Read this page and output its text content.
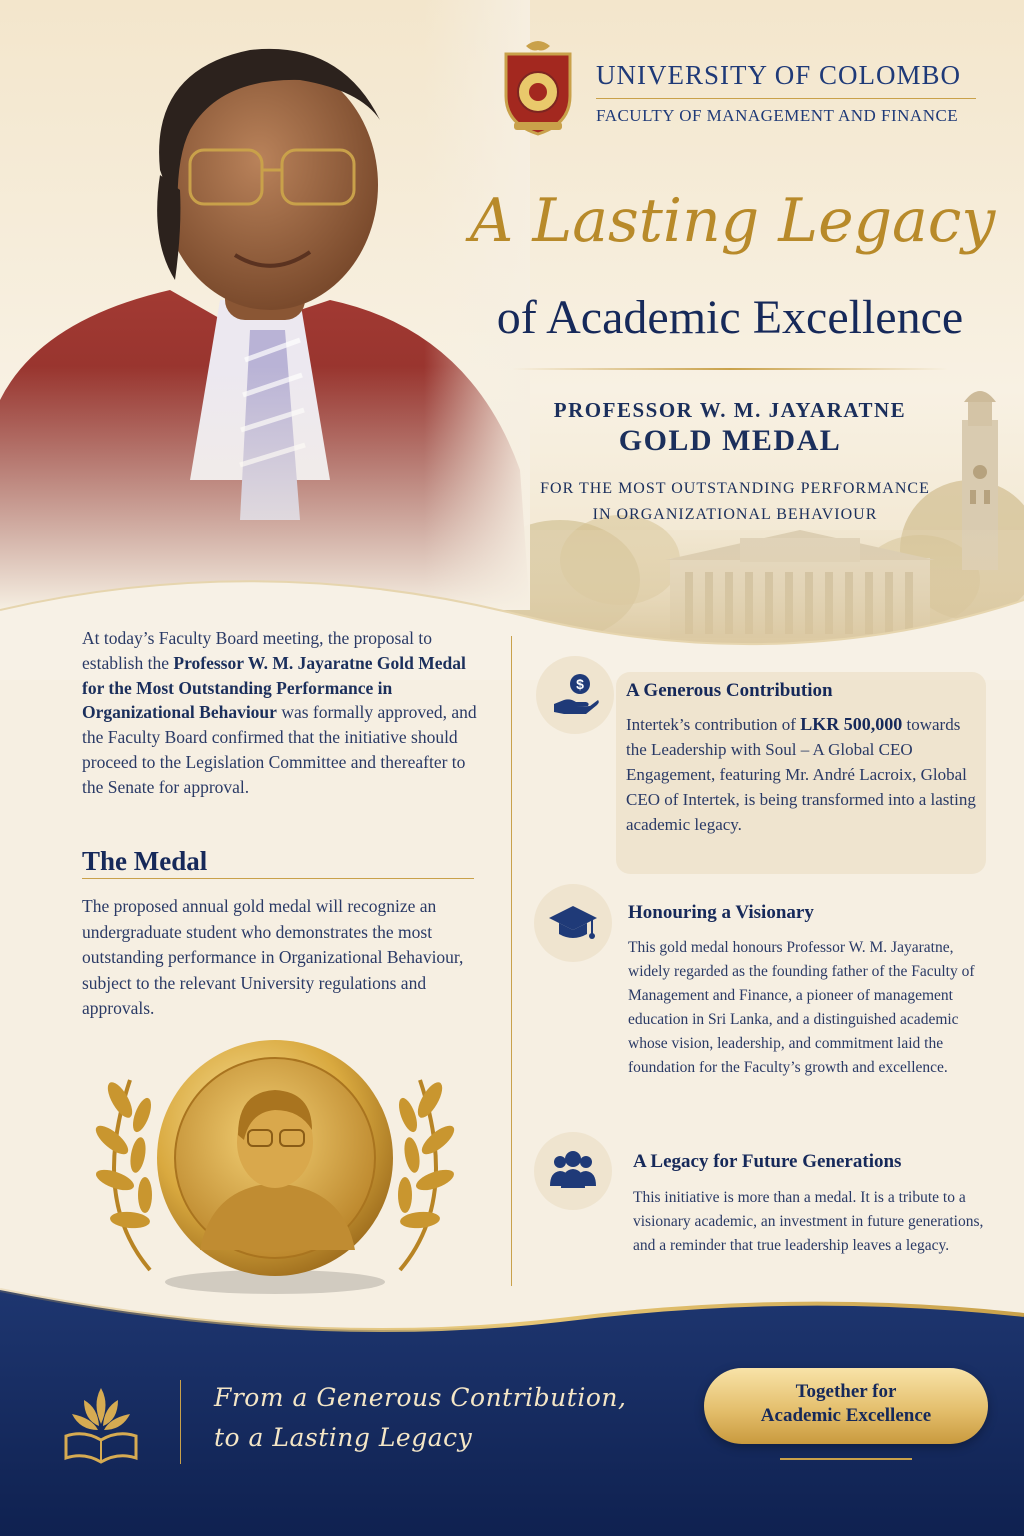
UNIVERSITY OF COLOMBO
FACULTY OF MANAGEMENT AND FINANCE
A Lasting Legacy
of Academic Excellence
PROFESSOR W. M. JAYARATNE
GOLD MEDAL
FOR THE MOST OUTSTANDING PERFORMANCE
IN ORGANIZATIONAL BEHAVIOUR

At today’s Faculty Board meeting, the proposal to establish the Professor W. M. Jayaratne Gold Medal for the Most Outstanding Performance in Organizational Behaviour was formally approved, and the Faculty Board confirmed that the initiative should proceed to the Legislation Committee and thereafter to the Senate for approval.

The Medal

The proposed annual gold medal will recognize an undergraduate student who demonstrates the most outstanding performance in Organizational Behaviour, subject to the relevant University regulations and approvals.

$ A Generous Contribution

Intertek’s contribution of LKR 500,000 towards the Leadership with Soul – A Global CEO Engagement, featuring Mr. André Lacroix, Global CEO of Intertek, is being transformed into a lasting academic legacy.

Honouring a Visionary

This gold medal honours Professor W. M. Jayaratne, widely regarded as the founding father of the Faculty of Management and Finance, a pioneer of management education in Sri Lanka, and a distinguished academic whose vision, leadership, and commitment laid the foundation for the Faculty’s growth and excellence.

A Legacy for Future Generations

This initiative is more than a medal. It is a tribute to a visionary academic, an investment in future generations, and a reminder that true leadership leaves a legacy.

From a Generous Contribution,
to a Lasting Legacy
Together for
Academic Excellence
